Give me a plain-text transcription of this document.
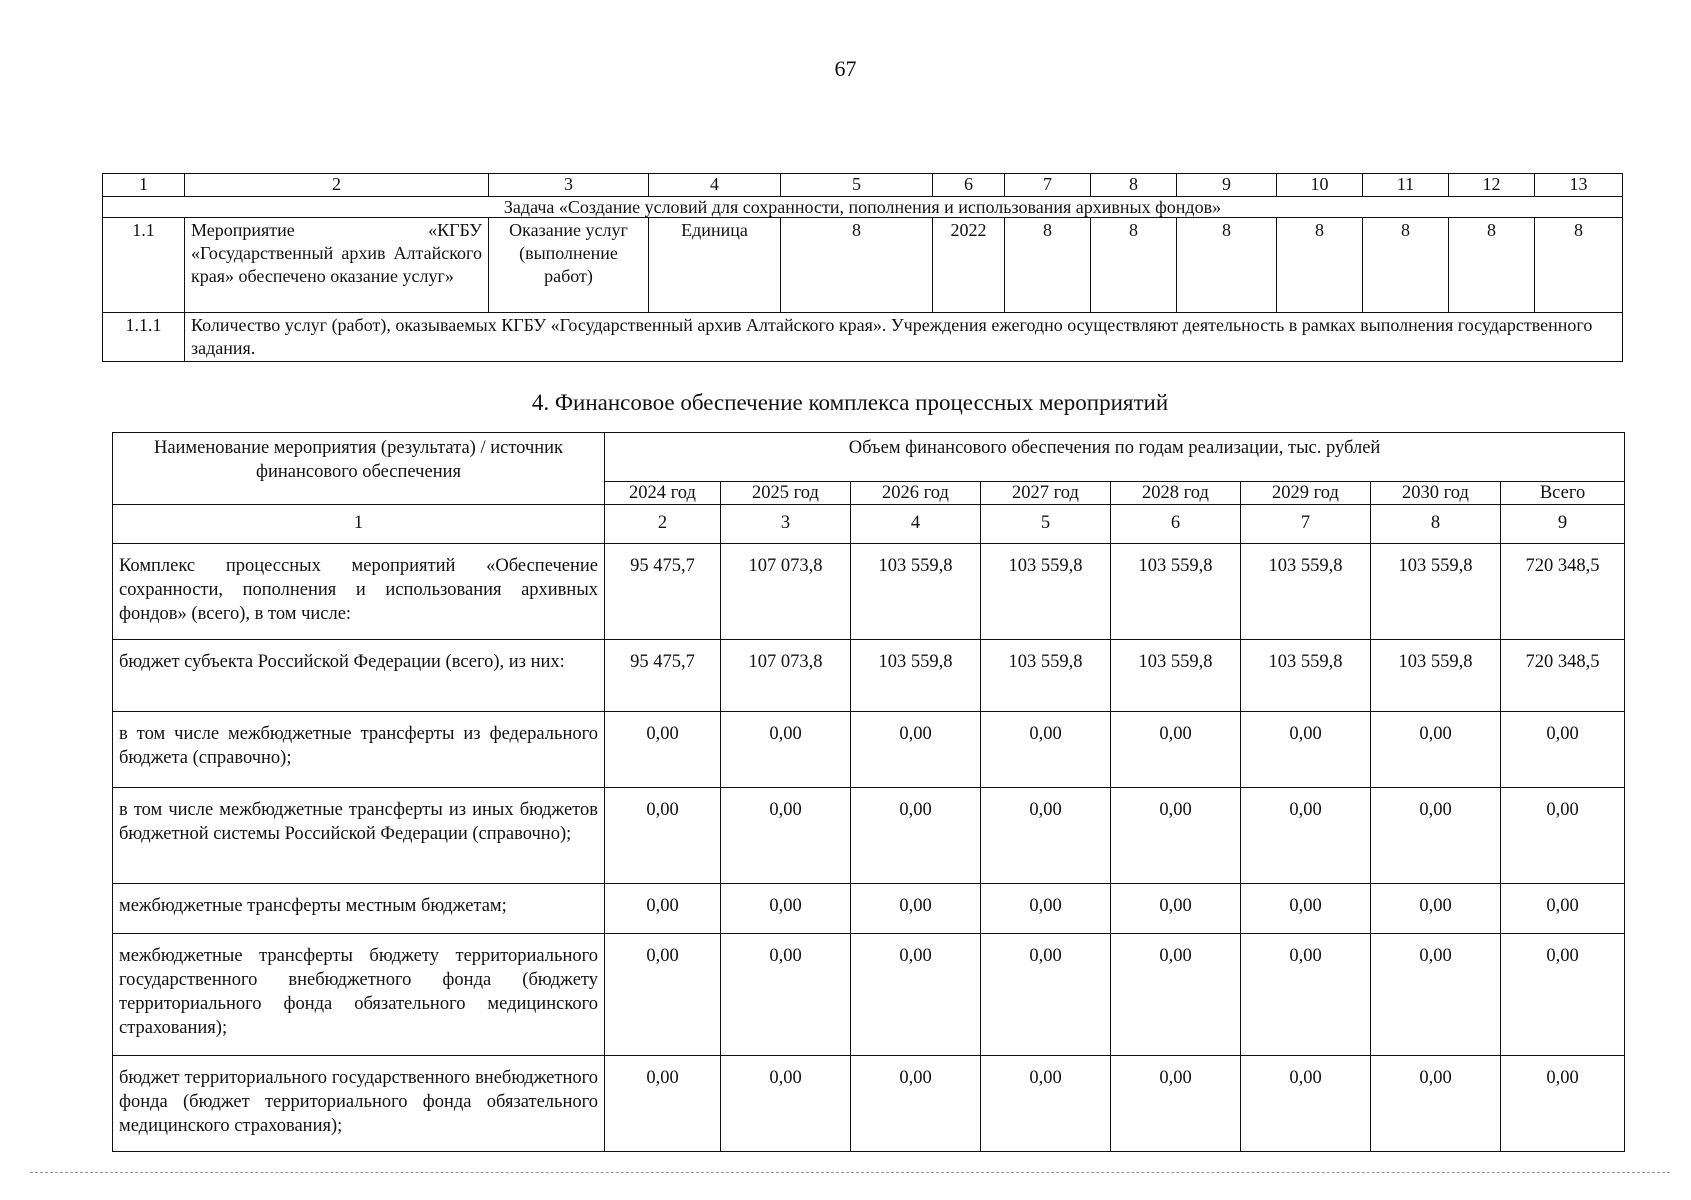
67
1	2	3	4	5	6	7	8	9	10	11	12	13
Задача «Создание условий для сохранности, пополнения и использования архивных фондов»												
1.1	Мероприятие «КГБУ «Государственный архив Алтайского края» обеспечено оказание услуг»	Оказание услуг (выполнение работ)	Единица	8	2022	8	8	8	8	8	8	8
1.1.1	Количество услуг (работ), оказываемых КГБУ «Государственный архив Алтайского края». Учреждения ежегодно осуществляют деятельность в рамках выполнения государственного задания.											
4. Финансовое обеспечение комплекса процессных мероприятий
Наименование мероприятия (результата) / источник финансового обеспечения	Объем финансового обеспечения по годам реализации, тыс. рублей							
	2024 год	2025 год	2026 год	2027 год	2028 год	2029 год	2030 год	Всего
1	2	3	4	5	6	7	8	9
Комплекс процессных мероприятий «Обеспечение сохранности, пополнения и использования архивных фондов» (всего), в том числе:	95 475,7	107 073,8	103 559,8	103 559,8	103 559,8	103 559,8	103 559,8	720 348,5
бюджет субъекта Российской Федерации (всего), из них:	95 475,7	107 073,8	103 559,8	103 559,8	103 559,8	103 559,8	103 559,8	720 348,5
в том числе межбюджетные трансферты из федерального бюджета (справочно);	0,00	0,00	0,00	0,00	0,00	0,00	0,00	0,00
в том числе межбюджетные трансферты из иных бюджетов бюджетной системы Российской Федерации (справочно);	0,00	0,00	0,00	0,00	0,00	0,00	0,00	0,00
межбюджетные трансферты местным бюджетам;	0,00	0,00	0,00	0,00	0,00	0,00	0,00	0,00
межбюджетные трансферты бюджету территориального государственного внебюджетного фонда (бюджету территориального фонда обязательного медицинского страхования);	0,00	0,00	0,00	0,00	0,00	0,00	0,00	0,00
бюджет территориального государственного внебюджетного фонда (бюджет территориального фонда обязательного медицинского страхования);	0,00	0,00	0,00	0,00	0,00	0,00	0,00	0,00
